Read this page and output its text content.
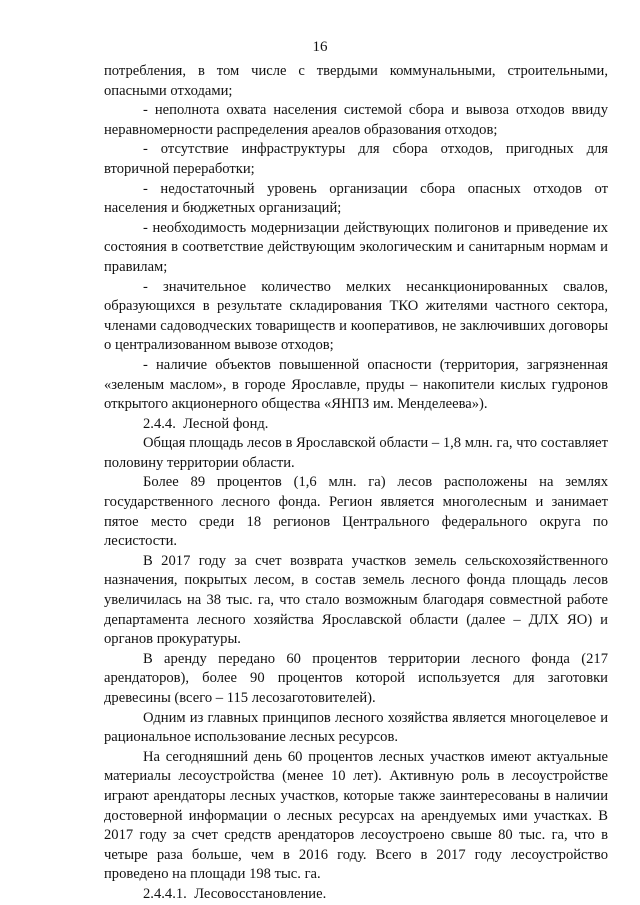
16

потребления, в том числе с твердыми коммунальными, строительными, опасными отходами;

- неполнота охвата населения системой сбора и вывоза отходов ввиду неравномерности распределения ареалов образования отходов;

- отсутствие инфраструктуры для сбора отходов, пригодных для вторичной переработки;

- недостаточный уровень организации сбора опасных отходов от населения и бюджетных организаций;

- необходимость модернизации действующих полигонов и приведение их состояния в соответствие действующим экологическим и санитарным нормам и правилам;

- значительное количество мелких несанкционированных свалов, образующихся в результате складирования ТКО жителями частного сектора, членами садоводческих товариществ и кооперативов, не заключивших договоры о централизованном вывозе отходов;

- наличие объектов повышенной опасности (территория, загрязненная «зеленым маслом», в городе Ярославле, пруды – накопители кислых гудронов открытого акционерного общества «ЯНПЗ им. Менделеева»).

2.4.4.  Лесной фонд.

Общая площадь лесов в Ярославской области – 1,8 млн. га, что составляет половину территории области.

Более 89 процентов (1,6 млн. га) лесов расположены на землях государственного лесного фонда. Регион является многолесным и занимает пятое место среди 18 регионов Центрального федерального округа по лесистости.

В 2017 году за счет возврата участков земель сельскохозяйственного назначения, покрытых лесом, в состав земель лесного фонда площадь лесов увеличилась на 38 тыс. га, что стало возможным благодаря совместной работе департамента лесного хозяйства Ярославской области (далее – ДЛХ ЯО) и органов прокуратуры.

В аренду передано 60 процентов территории лесного фонда (217 арендаторов), более 90 процентов которой используется для заготовки древесины (всего – 115 лесозаготовителей).

Одним из главных принципов лесного хозяйства является многоцелевое и рациональное использование лесных ресурсов.

На сегодняшний день 60 процентов лесных участков имеют актуальные материалы лесоустройства (менее 10 лет). Активную роль в лесоустройстве играют арендаторы лесных участков, которые также заинтересованы в наличии достоверной информации о лесных ресурсах на арендуемых ими участках. В 2017 году за счет средств арендаторов лесоустроено свыше 80 тыс. га, что в четыре раза больше, чем в 2016 году. Всего в 2017 году лесоустройство проведено на площади 198 тыс. га.

2.4.4.1.  Лесовосстановление.
